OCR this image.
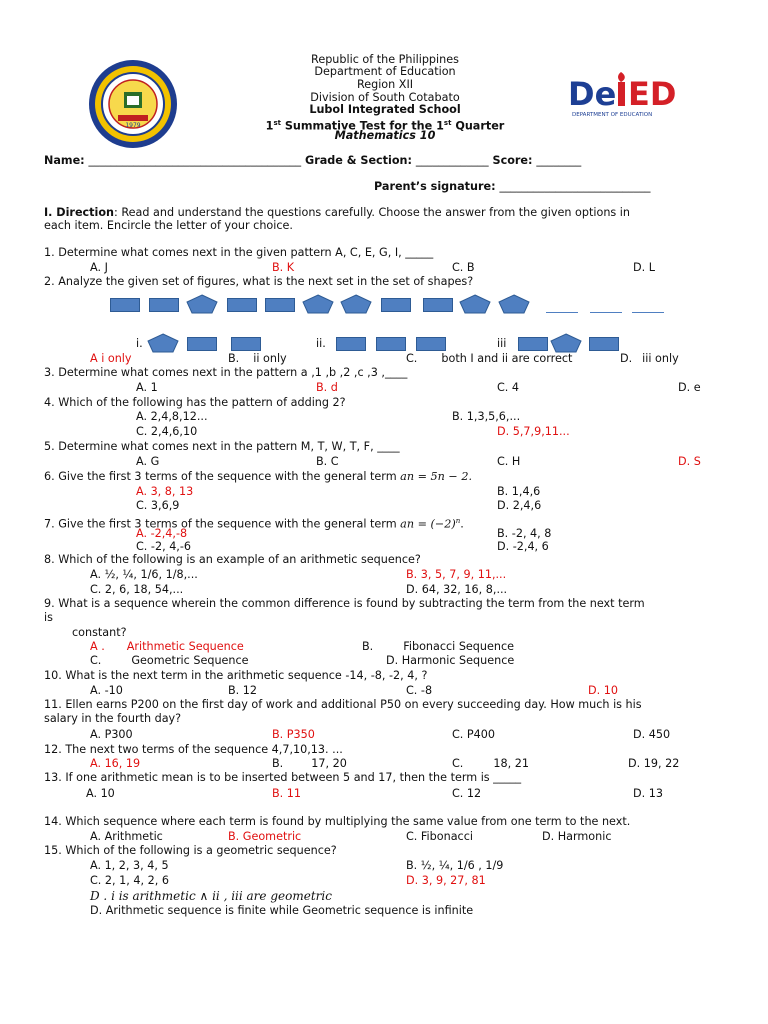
1979
Republic of the Philippines
Department of Education
Region XII
Division of South Cotabato
Lubol Integrated School
1st Summative Test for the 1st Quarter
Mathematics 10
De ED
DEPARTMENT OF EDUCATION
Name: ______________________________________ Grade & Section: _____________ Score: ________
Parent’s signature: ___________________________
I. Direction: Read and understand the questions carefully. Choose the answer from the given options in
each item. Encircle the letter of your choice.
1. Determine what comes next in the given pattern A, C, E, G, I, _____
A. J	B. K	C. B	D. L
2. Analyze the given set of figures, what is the next set in the set of shapes?
i.	ii.	iii
A i only	B. ii only	C. both I and ii are correct	D. iii only
3. Determine what comes next in the pattern a ,1 ,b ,2 ,c ,3 ,____
A. 1	B. d	C. 4	D. e
4. Which of the following has the pattern of adding 2?
A. 2,4,8,12...	B. 1,3,5,6,...
C. 2,4,6,10	D. 5,7,9,11...
5. Determine what comes next in the pattern M, T, W, T, F, ____
A. G	B. C	C. H	D. S
6. Give the first 3 terms of the sequence with the general term an = 5n − 2.
A. 3, 8, 13	B. 1,4,6
C. 3,6,9	D. 2,4,6
7. Give the first 3 terms of the sequence with the general term an = $(-2)^n$.
A. -2,4,-8	B. -2, 4, 8
C. -2, 4,-6	D. -2,4, 6
8. Which of the following is an example of an arithmetic sequence?
A. ½, ¼, 1/6, 1/8,...	B. 3, 5, 7, 9, 11,...
C. 2, 6, 18, 54,...	D. 64, 32, 16, 8,...
9. What is a sequence wherein the common difference is found by subtracting the term from the next term
is
constant?
A . Arithmetic Sequence	B.	Fibonacci Sequence
C.	Geometric Sequence	D. Harmonic Sequence
10. What is the next term in the arithmetic sequence -14, -8, -2, 4, ?
A. -10	B. 12	C. -8	D. 10
11. Ellen earns P200 on the first day of work and additional P50 on every succeeding day. How much is his
salary in the fourth day?
A. P300	B. P350	C. P400	D. 450
12. The next two terms of the sequence 4,7,10,13. ...
A. 16, 19	B.	17, 20	C.	18, 21	D. 19, 22
13. If one arithmetic mean is to be inserted between 5 and 17, then the term is _____
A. 10	B. 11	C. 12	D. 13
14. Which sequence where each term is found by multiplying the same value from one term to the next.
A. Arithmetic	B. Geometric	C. Fibonacci	D. Harmonic
15. Which of the following is a geometric sequence?
A. 1, 2, 3, 4, 5	B. ½, ¼, 1/6 , 1/9
C. 2, 1, 4, 2, 6	D. 3, 9, 27, 81
D . i is arithmetic ∧ ii , iii are geometric
D. Arithmetic sequence is finite while Geometric sequence is infinite
